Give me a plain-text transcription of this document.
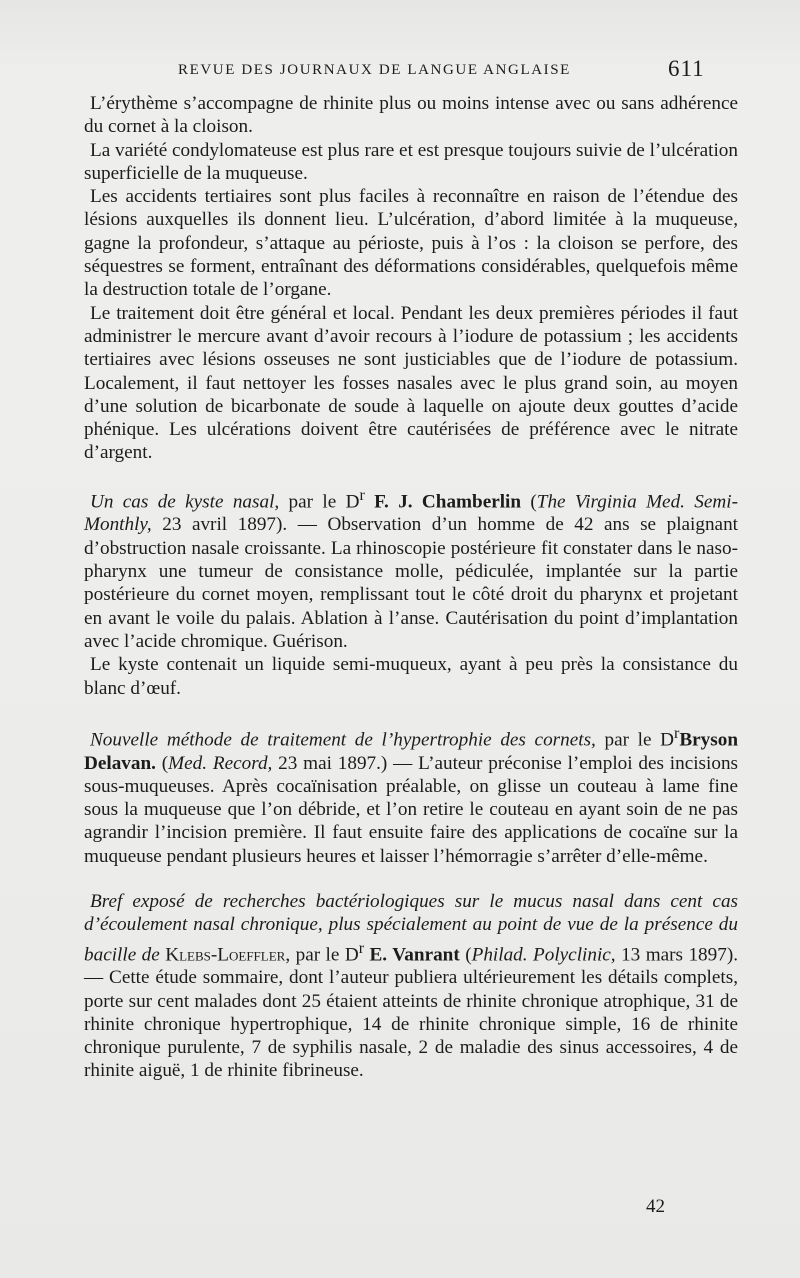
REVUE DES JOURNAUX DE LANGUE ANGLAISE	611

L’érythème s’accompagne de rhinite plus ou moins intense avec ou sans adhérence du cornet à la cloison.

La variété condylomateuse est plus rare et est presque toujours suivie de l’ulcération superficielle de la muqueuse.

Les accidents tertiaires sont plus faciles à reconnaître en raison de l’étendue des lésions auxquelles ils donnent lieu. L’ulcération, d’abord limitée à la muqueuse, gagne la profondeur, s’attaque au périoste, puis à l’os : la cloison se perfore, des séquestres se forment, entraînant des déformations considérables, quelquefois même la destruction totale de l’organe.

Le traitement doit être général et local. Pendant les deux premières périodes il faut administrer le mercure avant d’avoir recours à l’iodure de potassium ; les accidents tertiaires avec lésions osseuses ne sont justiciables que de l’iodure de potassium. Localement, il faut nettoyer les fosses nasales avec le plus grand soin, au moyen d’une solution de bicarbonate de soude à laquelle on ajoute deux gouttes d’acide phénique. Les ulcérations doivent être cautérisées de préférence avec le nitrate d’argent.

Un cas de kyste nasal, par le $D^r$ F. J. Chamberlin (The Virginia Med. Semi-Monthly, 23 avril 1897). — Observation d’un homme de 42 ans se plaignant d’obstruction nasale croissante. La rhinoscopie postérieure fit constater dans le naso-pharynx une tumeur de consistance molle, pédiculée, implantée sur la partie postérieure du cornet moyen, remplissant tout le côté droit du pharynx et projetant en avant le voile du palais. Ablation à l’anse. Cautérisation du point d’implantation avec l’acide chromique. Guérison.

Le kyste contenait un liquide semi-muqueux, ayant à peu près la consistance du blanc d’œuf.

Nouvelle méthode de traitement de l’hypertrophie des cornets, par le $D^rBryson$ Delavan. (Med. Record, 23 mai 1897.) — L’auteur préconise l’emploi des incisions sous-muqueuses. Après cocaïnisation préalable, on glisse un couteau à lame fine sous la muqueuse que l’on débride, et l’on retire le couteau en ayant soin de ne pas agrandir l’incision première. Il faut ensuite faire des applications de cocaïne sur la muqueuse pendant plusieurs heures et laisser l’hémorragie s’arrêter d’elle-même.

Bref exposé de recherches bactériologiques sur le mucus nasal dans cent cas d’écoulement nasal chronique, plus spécialement au point de vue de la présence du bacille de Klebs-Loeffler, par le $D^r$ E. Vanrant (Philad. Polyclinic, 13 mars 1897). — Cette étude sommaire, dont l’auteur publiera ultérieurement les détails complets, porte sur cent malades dont 25 étaient atteints de rhinite chronique atrophique, 31 de rhinite chronique hypertrophique, 14 de rhinite chronique simple, 16 de rhinite chronique purulente, 7 de syphilis nasale, 2 de maladie des sinus accessoires, 4 de rhinite aiguë, 1 de rhinite fibrineuse.

42
